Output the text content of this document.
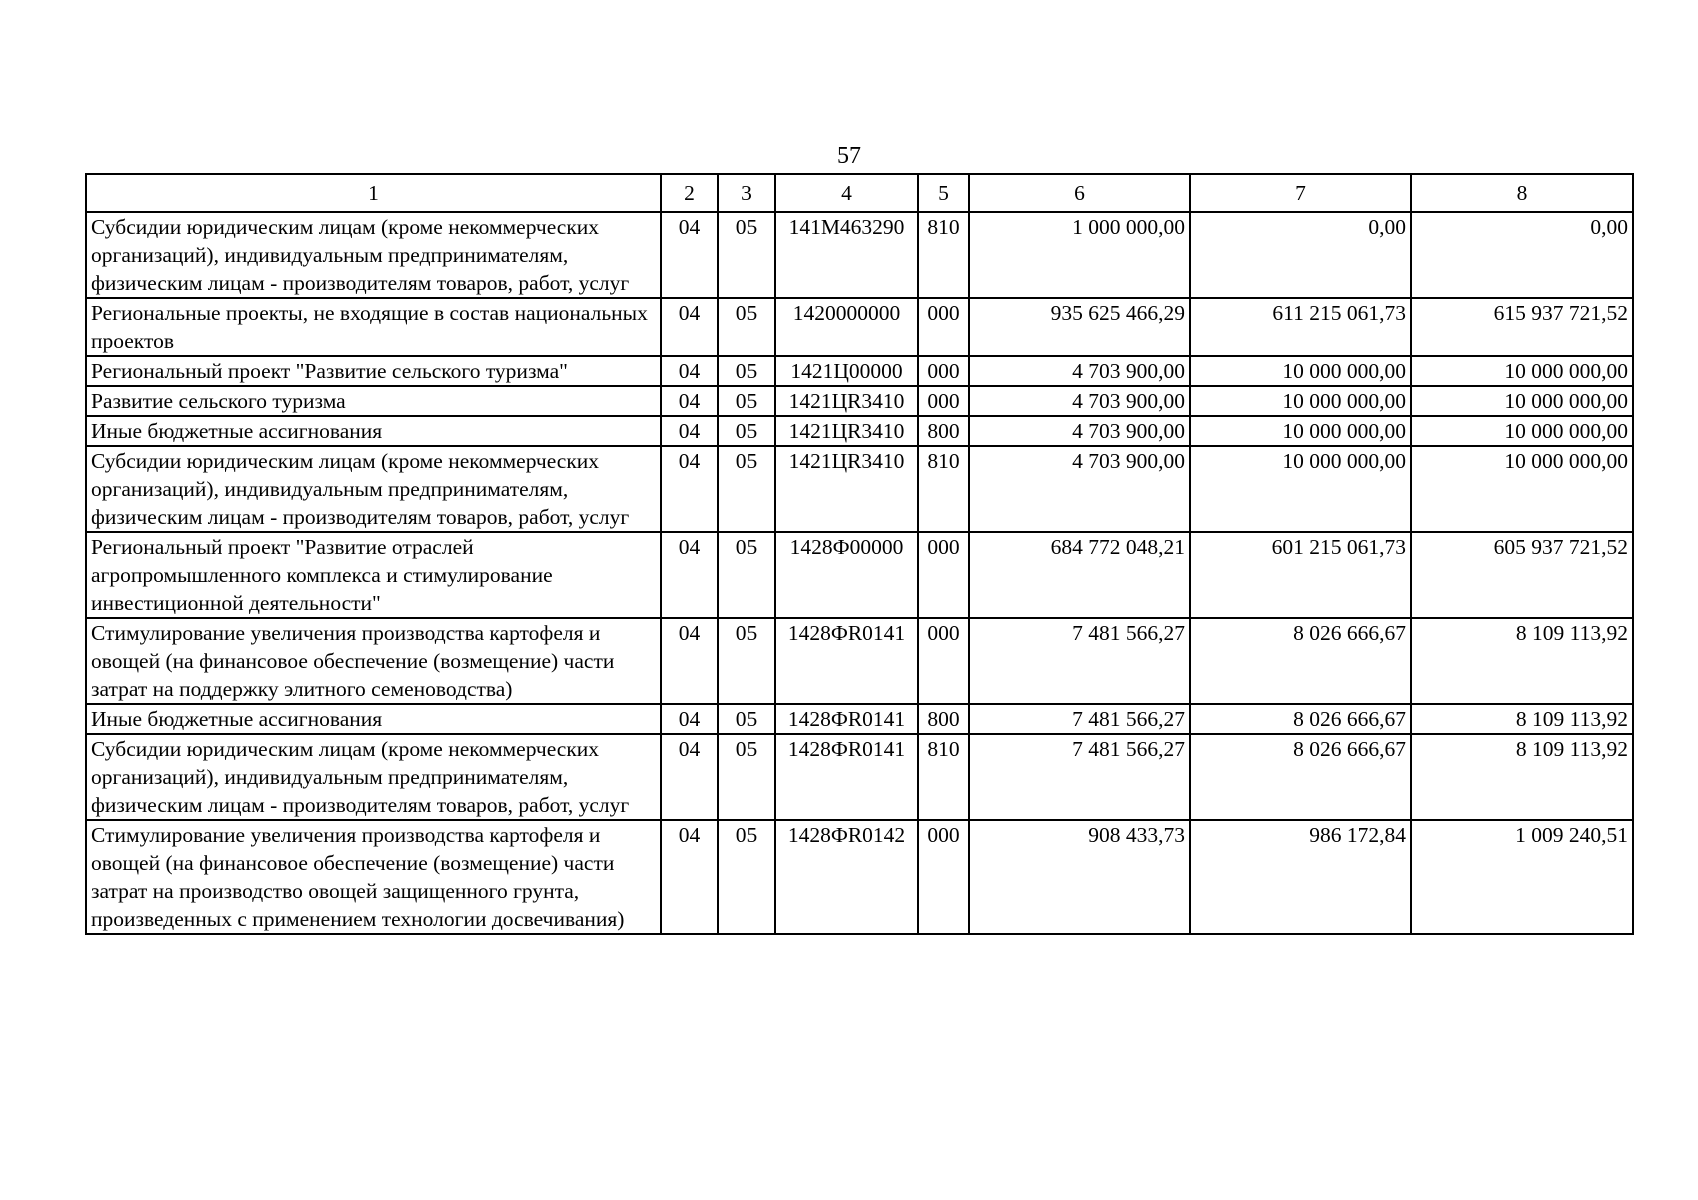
57
1	2	3	4	5	6	7	8
Субсидии юридическим лицам (кроме некоммерческих организаций), индивидуальным предпринимателям, физическим лицам - производителям товаров, работ, услуг	04	05	141M463290	810	1 000 000,00	0,00	0,00
Региональные проекты, не входящие в состав национальных проектов	04	05	1420000000	000	935 625 466,29	611 215 061,73	615 937 721,52
Региональный проект "Развитие сельского туризма"	04	05	1421Ц00000	000	4 703 900,00	10 000 000,00	10 000 000,00
Развитие сельского туризма	04	05	1421ЦR3410	000	4 703 900,00	10 000 000,00	10 000 000,00
Иные бюджетные ассигнования	04	05	1421ЦR3410	800	4 703 900,00	10 000 000,00	10 000 000,00
Субсидии юридическим лицам (кроме некоммерческих организаций), индивидуальным предпринимателям, физическим лицам - производителям товаров, работ, услуг	04	05	1421ЦR3410	810	4 703 900,00	10 000 000,00	10 000 000,00
Региональный проект "Развитие отраслей агропромышленного комплекса и стимулирование инвестиционной деятельности"	04	05	1428Ф00000	000	684 772 048,21	601 215 061,73	605 937 721,52
Стимулирование увеличения производства картофеля и овощей (на финансовое обеспечение (возмещение) части затрат на поддержку элитного семеноводства)	04	05	1428ФR0141	000	7 481 566,27	8 026 666,67	8 109 113,92
Иные бюджетные ассигнования	04	05	1428ФR0141	800	7 481 566,27	8 026 666,67	8 109 113,92
Субсидии юридическим лицам (кроме некоммерческих организаций), индивидуальным предпринимателям, физическим лицам - производителям товаров, работ, услуг	04	05	1428ФR0141	810	7 481 566,27	8 026 666,67	8 109 113,92
Стимулирование увеличения производства картофеля и овощей (на финансовое обеспечение (возмещение) части затрат на производство овощей защищенного грунта, произведенных с применением технологии досвечивания)	04	05	1428ФR0142	000	908 433,73	986 172,84	1 009 240,51
